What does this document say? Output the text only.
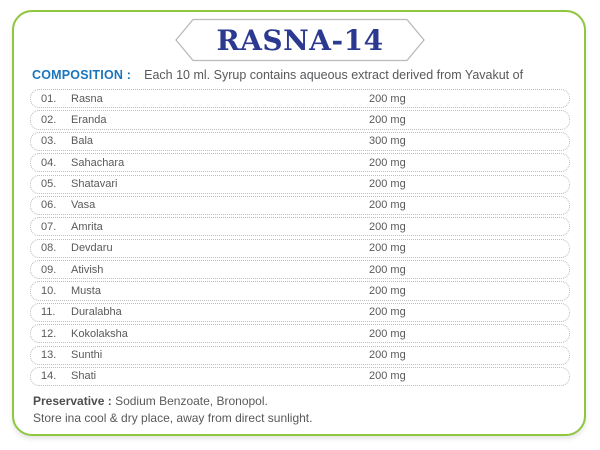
RASNA-14
COMPOSITION : Each 10 ml. Syrup contains aqueous extract derived from Yavakut of
01.	Rasna	200 mg
02.	Eranda	200 mg
03.	Bala	300 mg
04.	Sahachara	200 mg
05.	Shatavari	200 mg
06.	Vasa	200 mg
07.	Amrita	200 mg
08.	Devdaru	200 mg
09.	Ativish	200 mg
10.	Musta	200 mg
11.	Duralabha	200 mg
12.	Kokolaksha	200 mg
13.	Sunthi	200 mg
14.	Shati	200 mg
Preservative : Sodium Benzoate, Bronopol.
Store ina cool & dry place, away from direct sunlight.
